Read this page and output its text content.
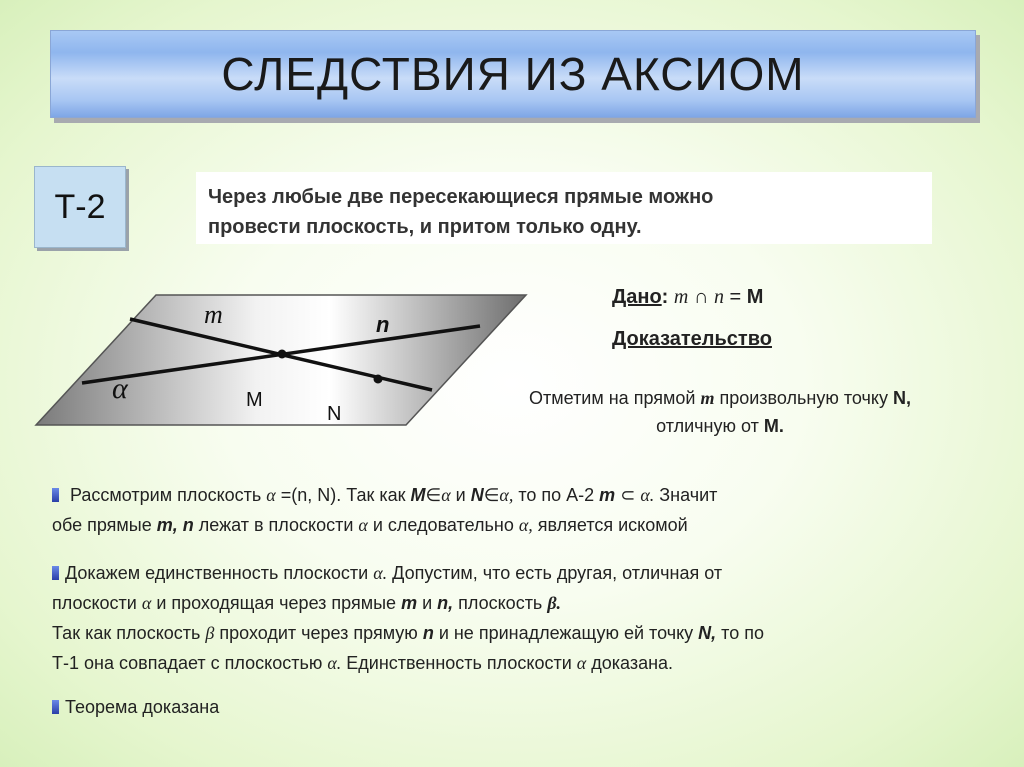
СЛЕДСТВИЯ ИЗ АКСИОМ
Т-2	Через любые две пересекающиеся прямые можно
провести плоскость, и притом только одну.
m	n
α	M
N
Дано: m ∩ n = M
Доказательство
Отметим на прямой m произвольную точку N,
отличную от M.
Рассмотрим плоскость α =(n, N). Так как M∈α и N∈α, то по А-2 m ⊂ α. Значит
обе прямые m, n лежат в плоскости α и следовательно α, является искомой
Докажем единственность плоскости α. Допустим, что есть другая, отличная от
плоскости α и проходящая через прямые m и n, плоскость β.
Так как плоскость β проходит через прямую n и не принадлежащую ей точку N, то по
Т-1 она совпадает с плоскостью α. Единственность плоскости α доказана.
Теорема доказана
